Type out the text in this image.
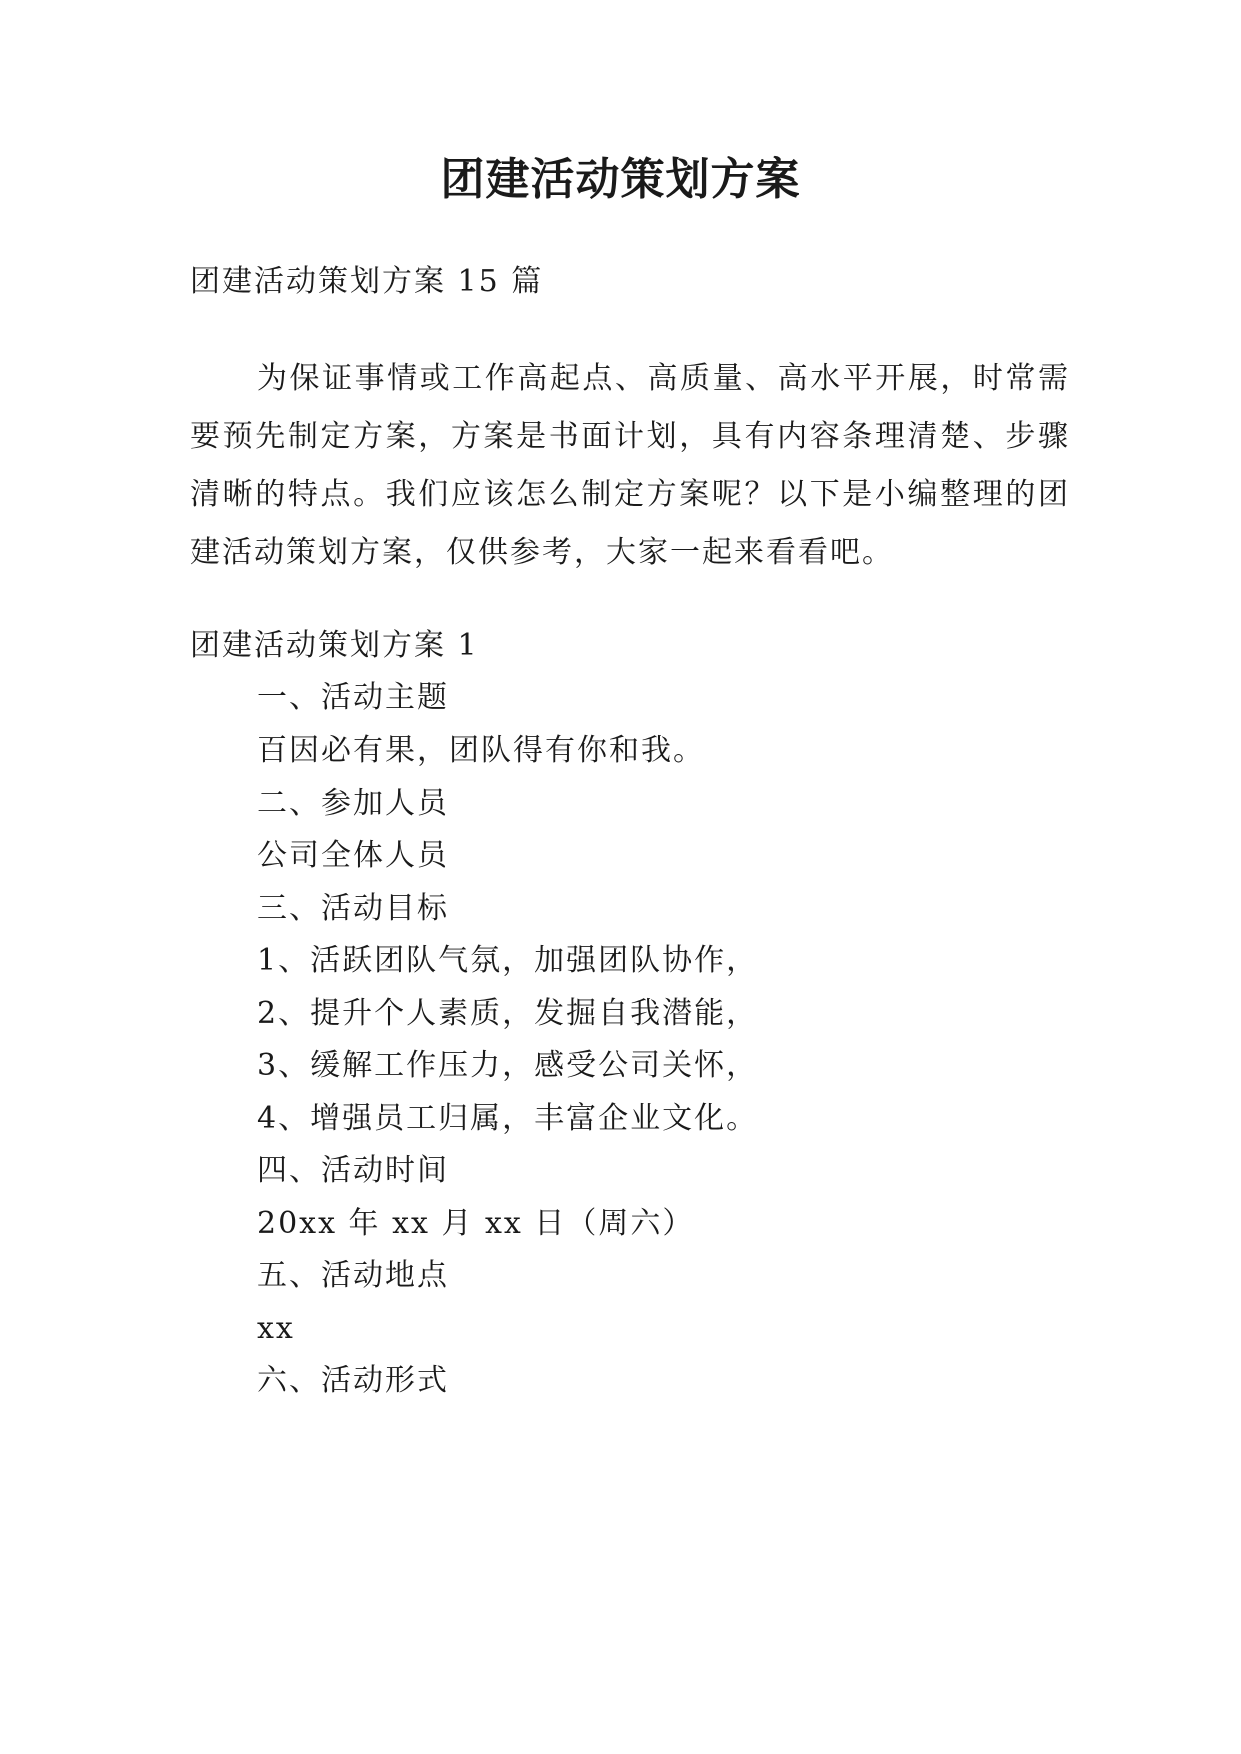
团建活动策划方案
团建活动策划方案 15 篇
为保证事情或工作高起点、高质量、高水平开展，时常需要预先制定方案，方案是书面计划，具有内容条理清楚、步骤清晰的特点。我们应该怎么制定方案呢？以下是小编整理的团建活动策划方案，仅供参考，大家一起来看看吧。
团建活动策划方案 1
一、活动主题
百因必有果，团队得有你和我。
二、参加人员
公司全体人员
三、活动目标
1、活跃团队气氛，加强团队协作，
2、提升个人素质，发掘自我潜能，
3、缓解工作压力，感受公司关怀，
4、增强员工归属，丰富企业文化。
四、活动时间
20xx 年 xx 月 xx 日（周六）
五、活动地点
xx
六、活动形式
